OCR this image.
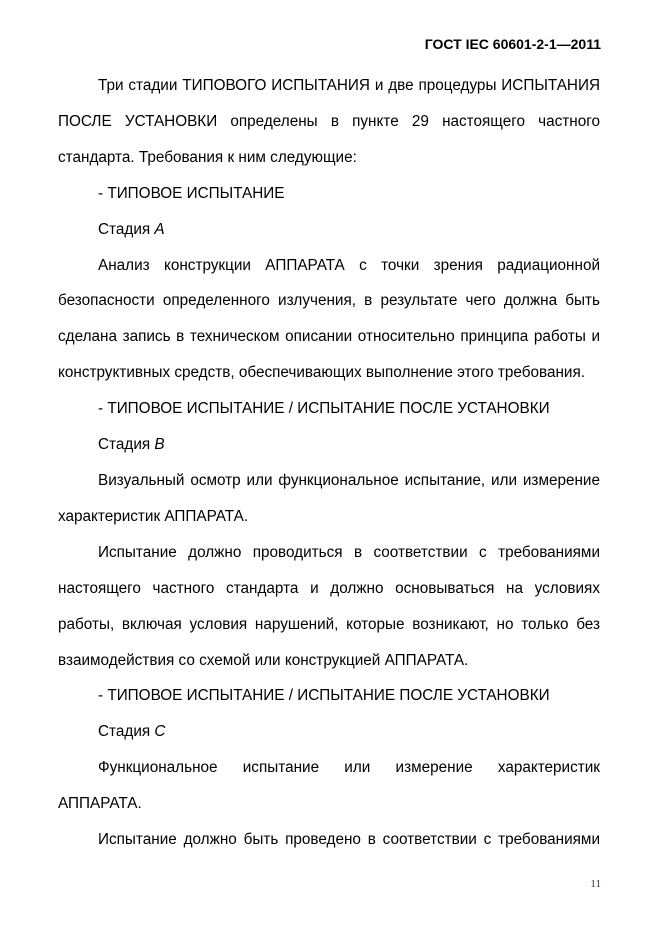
ГОСТ IEC 60601-2-1—2011

Три стадии ТИПОВОГО ИСПЫТАНИЯ и две процедуры ИСПЫТАНИЯ ПОСЛЕ УСТАНОВКИ определены в пункте 29 настоящего частного стандарта. Требования к ним следующие:

- ТИПОВОЕ ИСПЫТАНИЕ

Стадия A

Анализ конструкции АППАРАТА с точки зрения радиационной безопасности определенного излучения, в результате чего должна быть сделана запись в техническом описании относительно принципа работы и конструктивных средств, обеспечивающих выполнение этого требования.

- ТИПОВОЕ ИСПЫТАНИЕ / ИСПЫТАНИЕ ПОСЛЕ УСТАНОВКИ

Стадия B

Визуальный осмотр или функциональное испытание, или измерение характеристик АППАРАТА.

Испытание должно проводиться в соответствии с требованиями настоящего частного стандарта и должно основываться на условиях работы, включая условия нарушений, которые возникают, но только без взаимодействия со схемой или конструкцией АППАРАТА.

- ТИПОВОЕ ИСПЫТАНИЕ / ИСПЫТАНИЕ ПОСЛЕ УСТАНОВКИ

Стадия C

Функциональное испытание или измерение характеристик АППАРАТА.

Испытание должно быть проведено в соответствии с требованиями

11
